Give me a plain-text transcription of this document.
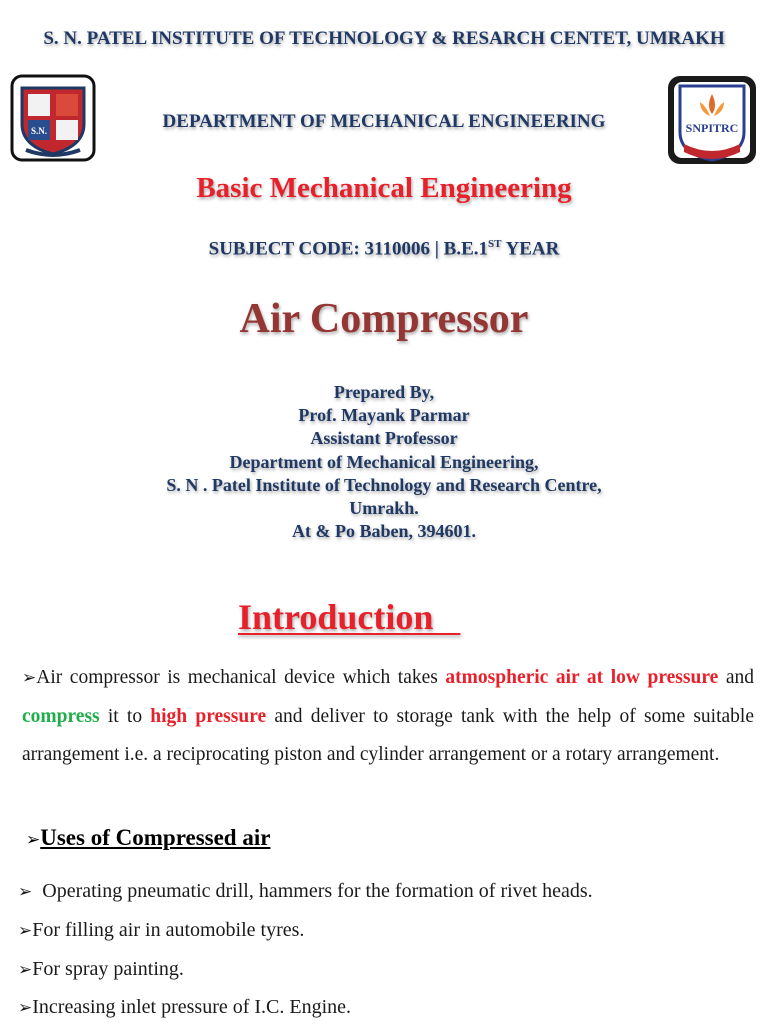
S. N. PATEL INSTITUTE OF TECHNOLOGY & RESARCH CENTET, UMRAKH
S.N.	DEPARTMENT OF MECHANICAL ENGINEERING	SNPITRC
Basic Mechanical Engineering
SUBJECT CODE: 3110006 | B.E.1ST YEAR
Air Compressor
Prepared By,
Prof. Mayank Parmar
Assistant Professor
Department of Mechanical Engineering,
S. N . Patel Institute of Technology and Research Centre,
Umrakh.
At & Po Baben, 394601.
Introduction
➢Air compressor is mechanical device which takes atmospheric air at low pressure and compress it to high pressure and deliver to storage tank with the help of some suitable arrangement i.e. a reciprocating piston and cylinder arrangement or a rotary arrangement.
➢Uses of Compressed air
➢  Operating pneumatic drill, hammers for the formation of rivet heads.
➢For filling air in automobile tyres.
➢For spray painting.
➢Increasing inlet pressure of I.C. Engine.
